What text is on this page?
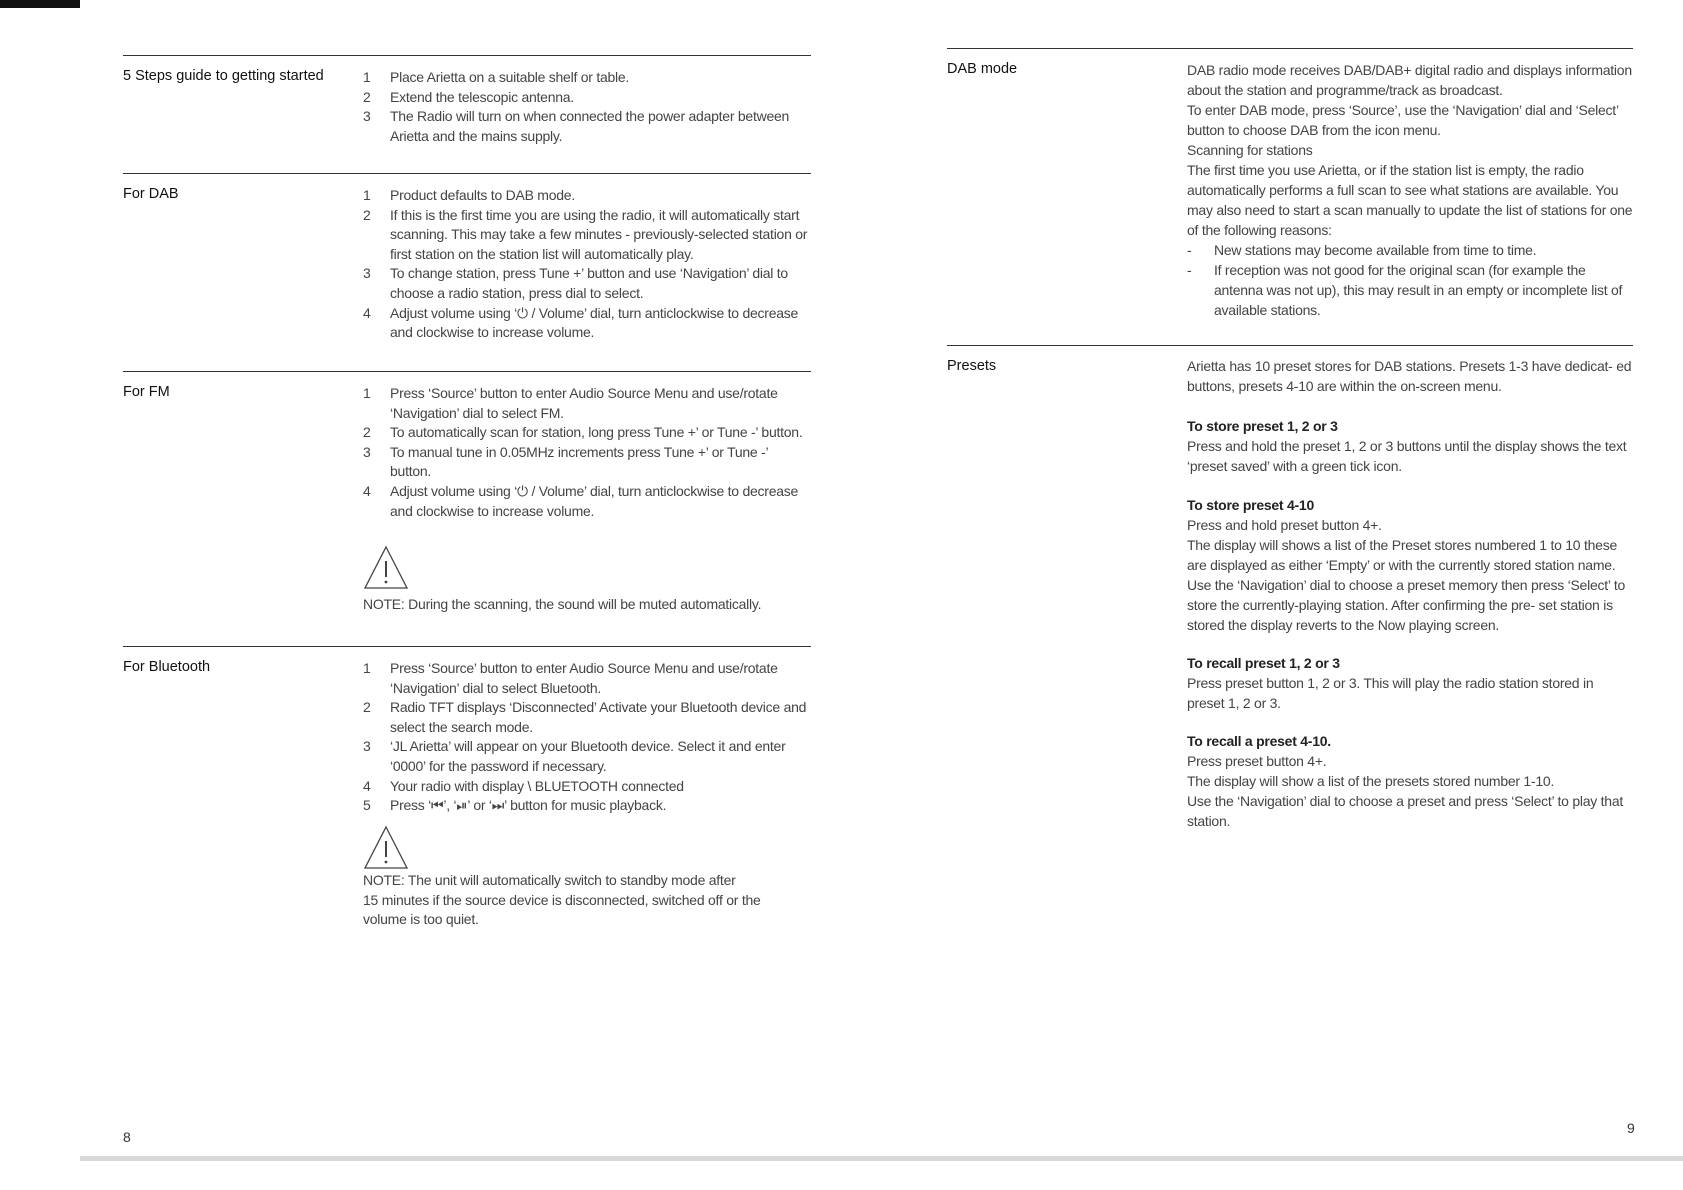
5 Steps guide to getting started	1 Place Arietta on a suitable shelf or table.
2 Extend the telescopic antenna.
3 The Radio will turn on when connected the power adapter between Arietta and the mains supply.
For DAB	1 Product defaults to DAB mode.
2 If this is the first time you are using the radio, it will automatically start scanning. This may take a few minutes - previously-selected station or first station on the station list will automatically play.
3 To change station, press Tune +’ button and use ‘Navigation’ dial to choose a radio station, press dial to select.
4 Adjust volume using ‘⏻ / Volume’ dial, turn anticlockwise to decrease and clockwise to increase volume.
For FM	1 Press ‘Source’ button to enter Audio Source Menu and use/rotate ‘Navigation’ dial to select FM.
2 To automatically scan for station, long press Tune +’ or Tune -’ button.
3 To manual tune in 0.05MHz increments press Tune +’ or Tune -’ button.
4 Adjust volume using ‘⏻ / Volume’ dial, turn anticlockwise to decrease and clockwise to increase volume.
NOTE: During the scanning, the sound will be muted automatically.
For Bluetooth	1 Press ‘Source’ button to enter Audio Source Menu and use/rotate ‘Navigation’ dial to select Bluetooth.
2 Radio TFT displays ‘Disconnected’ Activate your Bluetooth device and select the search mode.
3 ‘JL Arietta’ will appear on your Bluetooth device. Select it and enter ‘0000’ for the password if necessary.
4 Your radio with display \ BLUETOOTH connected
5 Press ‘⏮’, ‘⏯’ or ‘⏭’ button for music playback.
NOTE: The unit will automatically switch to standby mode after
15 minutes if the source device is disconnected, switched off or the
volume is too quiet.
8
DAB mode	DAB radio mode receives DAB/DAB+ digital radio and displays information about the station and programme/track as broadcast.

To enter DAB mode, press ‘Source’, use the ‘Navigation’ dial and ‘Select’ button to choose DAB from the icon menu.

Scanning for stations

The first time you use Arietta, or if the station list is empty, the radio automatically performs a full scan to see what stations are available. You may also need to start a scan manually to update the list of stations for one of the following reasons:

- New stations may become available from time to time.

- If reception was not good for the original scan (for example the antenna was not up), this may result in an empty or incomplete list of available stations.

Presets	Arietta has 10 preset stores for DAB stations. Presets 1-3 have dedicat- ed buttons, presets 4-10 are within the on-screen menu.

To store preset 1, 2 or 3

Press and hold the preset 1, 2 or 3 buttons until the display shows the text ‘preset saved’ with a green tick icon.

To store preset 4-10

Press and hold preset button 4+.

The display will shows a list of the Preset stores numbered 1 to 10 these are displayed as either ‘Empty’ or with the currently stored station name. Use the ‘Navigation’ dial to choose a preset memory then press ‘Select’ to store the currently-playing station. After confirming the pre- set station is stored the display reverts to the Now playing screen.

To recall preset 1, 2 or 3

Press preset button 1, 2 or 3. This will play the radio station stored in preset 1, 2 or 3.

To recall a preset 4-10.

Press preset button 4+.

The display will show a list of the presets stored number 1-10.

Use the ‘Navigation’ dial to choose a preset and press ‘Select’ to play that station.

9
